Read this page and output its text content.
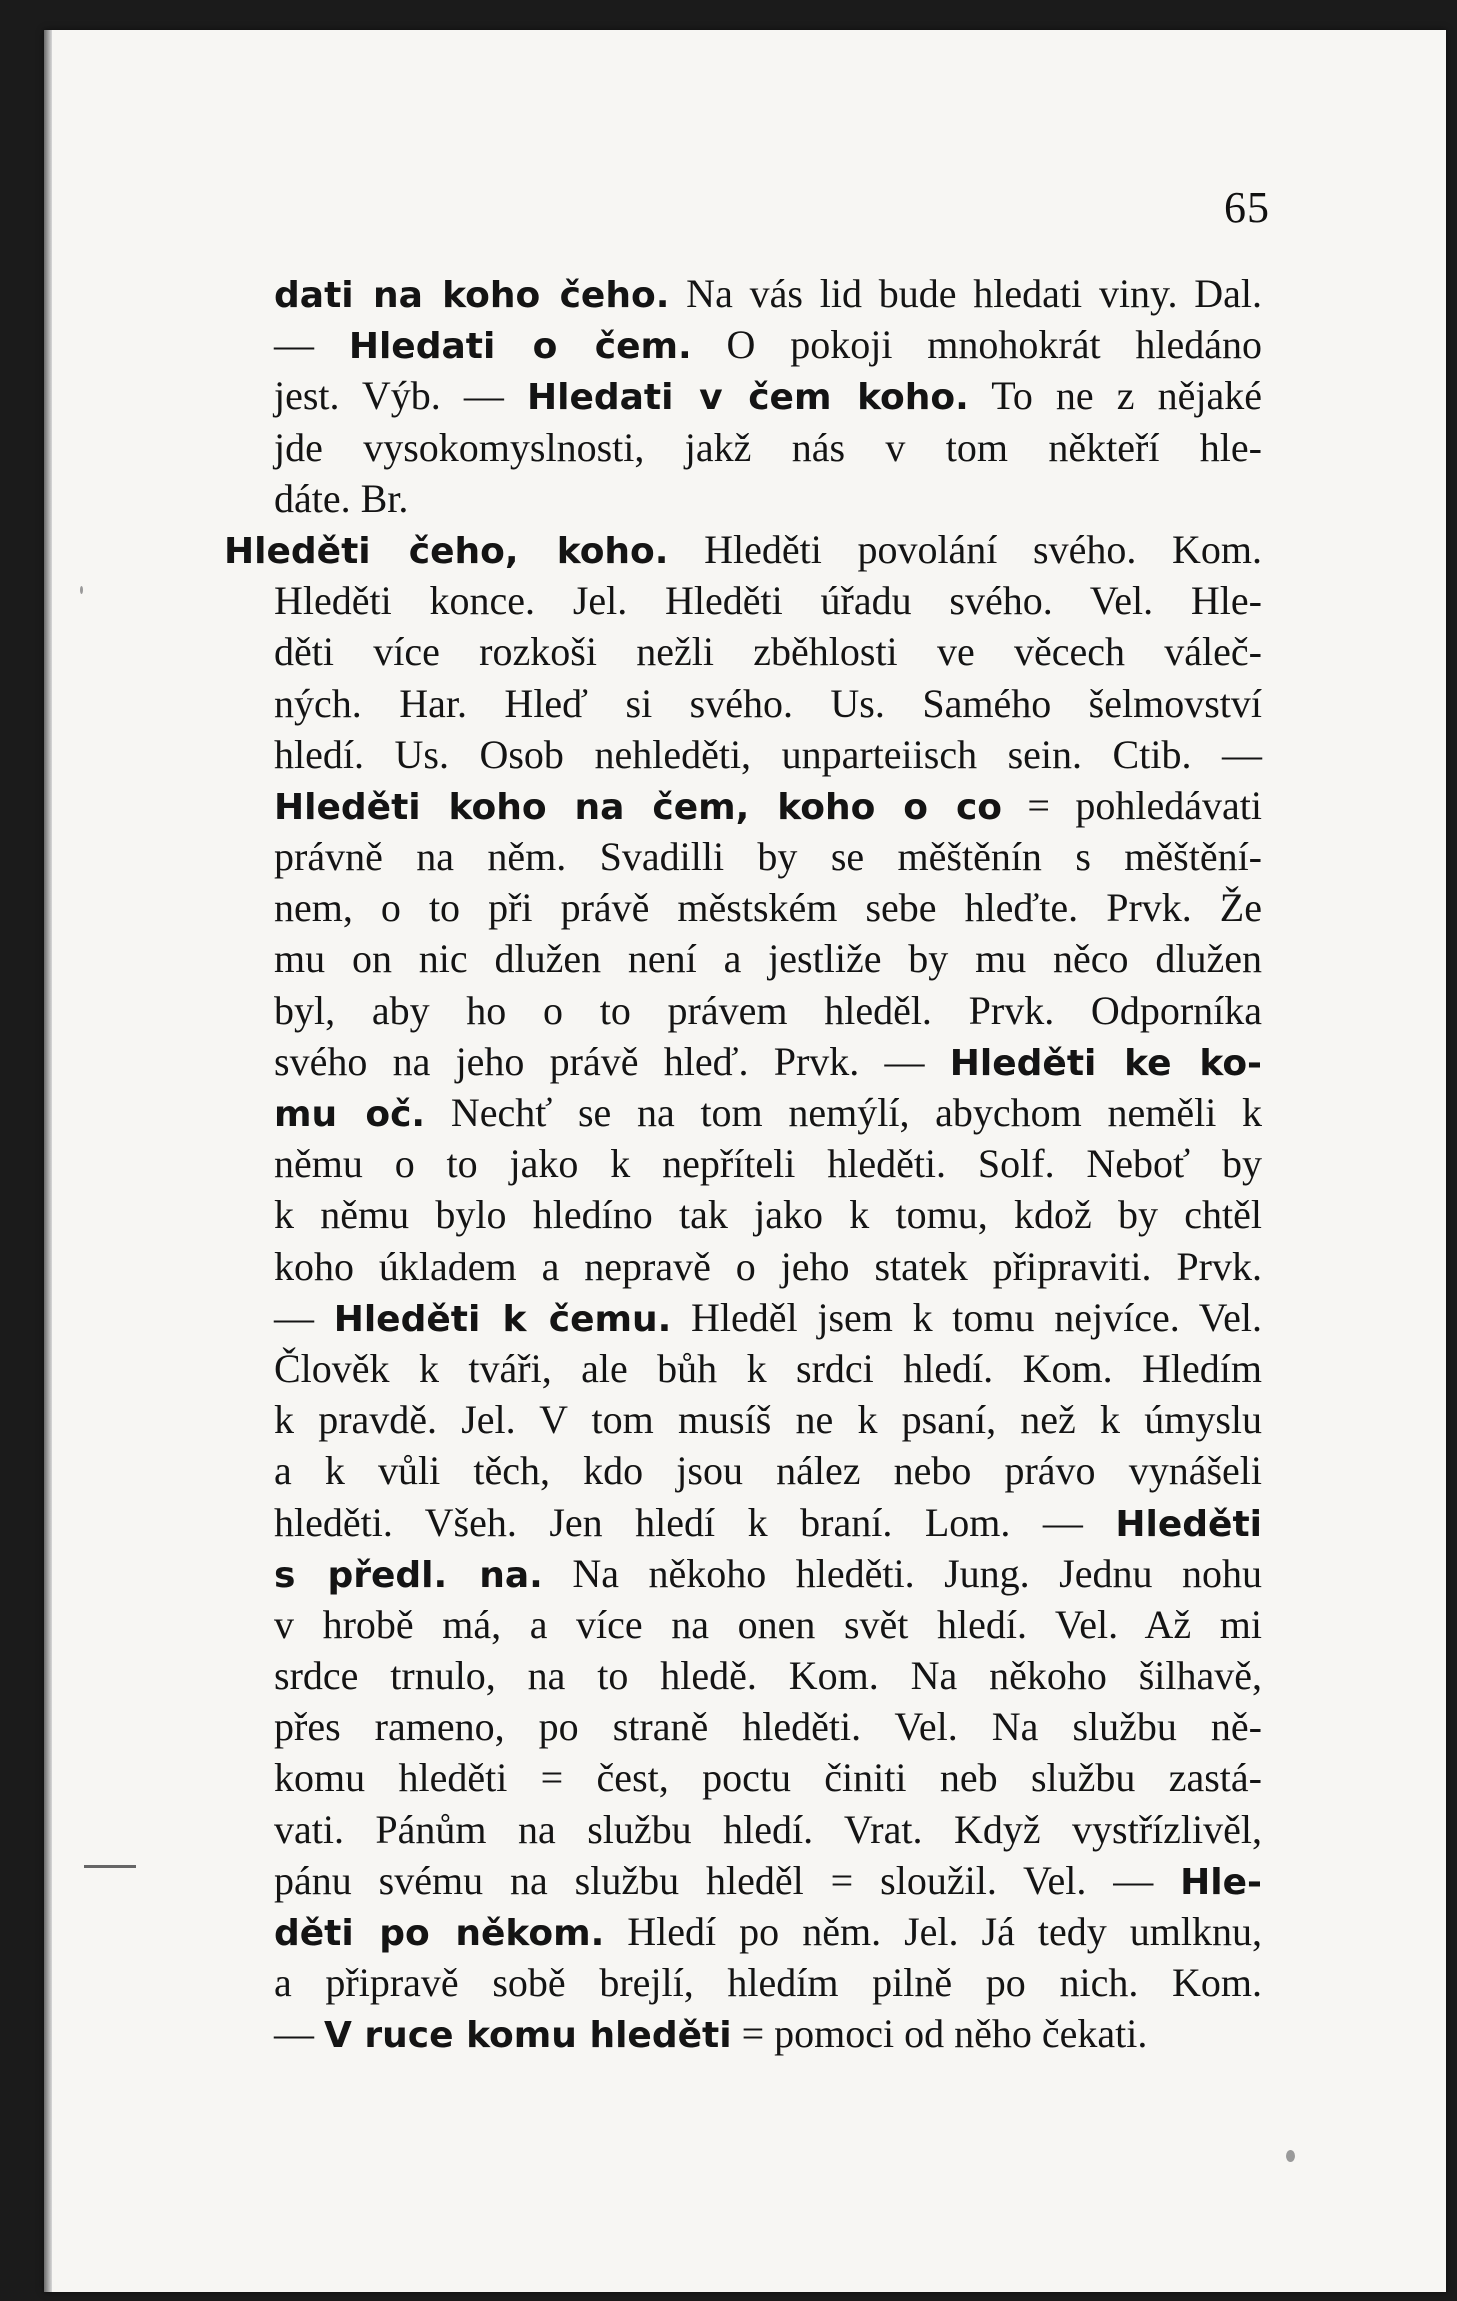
65
dati na koho čeho. Na vás lid bude hledati viny. Dal.
— Hledati o čem. O pokoji mnohokrát hledáno
jest. Výb. — Hledati v čem koho. To ne z nějaké
jde vysokomyslnosti, jakž nás v tom někteří hle-
dáte. Br.
Hleděti čeho, koho. Hleděti povolání svého. Kom.
Hleděti konce. Jel. Hleděti úřadu svého. Vel. Hle-
děti více rozkoši nežli zběhlosti ve věcech váleč-
ných. Har. Hleď si svého. Us. Samého šelmovství
hledí. Us. Osob nehleděti, unparteiisch sein. Ctib. —
Hleděti koho na čem, koho o co = pohledávati
právně na něm. Svadilli by se měštěnín s měštění-
nem, o to při právě městském sebe hleďte. Prvk. Že
mu on nic dlužen není a jestliže by mu něco dlužen
byl, aby ho o to právem hleděl. Prvk. Odporníka
svého na jeho právě hleď. Prvk. — Hleděti ke ko-
mu oč. Nechť se na tom nemýlí, abychom neměli k
němu o to jako k nepříteli hleděti. Solf. Neboť by
k němu bylo hledíno tak jako k tomu, kdož by chtěl
koho úkladem a nepravě o jeho statek připraviti. Prvk.
— Hleděti k čemu. Hleděl jsem k tomu nejvíce. Vel.
Člověk k tváři, ale bůh k srdci hledí. Kom. Hledím
k pravdě. Jel. V tom musíš ne k psaní, než k úmyslu
a k vůli těch, kdo jsou nález nebo právo vynášeli
hleděti. Všeh. Jen hledí k braní. Lom. — Hleděti
s předl. na. Na někoho hleděti. Jung. Jednu nohu
v hrobě má, a více na onen svět hledí. Vel. Až mi
srdce trnulo, na to hledě. Kom. Na někoho šilhavě,
přes rameno, po straně hleděti. Vel. Na službu ně-
komu hleděti = čest, poctu činiti neb službu zastá-
vati. Pánům na službu hledí. Vrat. Když vystřízlivěl,
pánu svému na službu hleděl = sloužil. Vel. — Hle-
děti po někom. Hledí po něm. Jel. Já tedy umlknu,
a připravě sobě brejlí, hledím pilně po nich. Kom.
— V ruce komu hleděti = pomoci od něho čekati.
